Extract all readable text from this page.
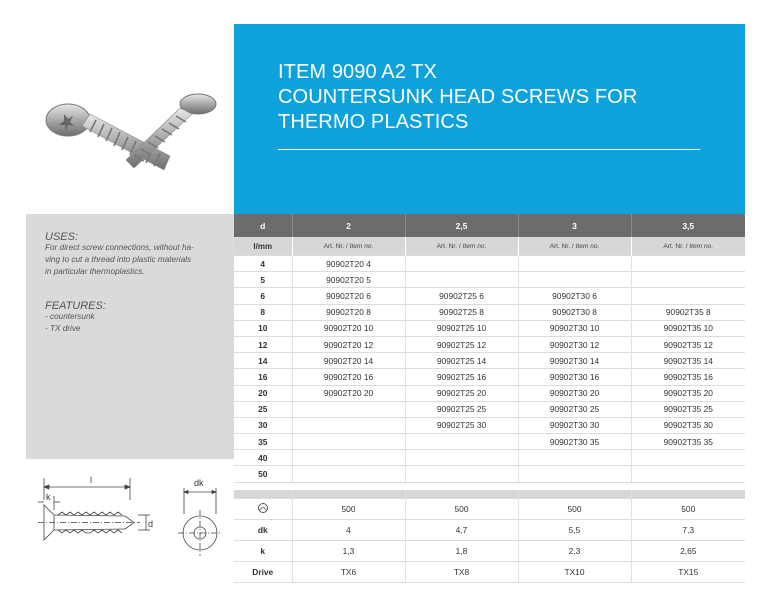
ITEM 9090 A2 TX
COUNTERSUNK HEAD SCREWS FOR
THERMO PLASTICS
USES:
For direct screw connections, without ha-
ving to cut a thread into plastic materials
in particular thermoplastics.
FEATURES:
- countersunk
- TX drive
d	2	2,5	3	3,5
l/mm	Art. Nr. / Item no.	Art. Nr. / Item no.	Art. Nr. / Item no.	Art. Nr. / Item no.
4	90902T20 4			
5	90902T20 5			
6	90902T20 6	90902T25 6	90902T30 6	
8	90902T20 8	90902T25 8	90902T30 8	90902T35 8
10	90902T20 10	90902T25 10	90902T30 10	90902T35 10
12	90902T20 12	90902T25 12	90902T30 12	90902T35 12
14	90902T20 14	90902T25 14	90902T30 14	90902T35 14
16	90902T20 16	90902T25 16	90902T30 16	90902T35 16
20	90902T20 20	90902T25 20	90902T30 20	90902T35 20
25		90902T25 25	90902T30 25	90902T35 25
30		90902T25 30	90902T30 30	90902T35 30
35			90902T30 35	90902T35 35
40				
50				
l
k
d
dk

	500	500	500	500
dk	4	4,7	5,5	7,3
k	1,3	1,8	2,3	2,65
Drive	TX6	TX8	TX10	TX15
